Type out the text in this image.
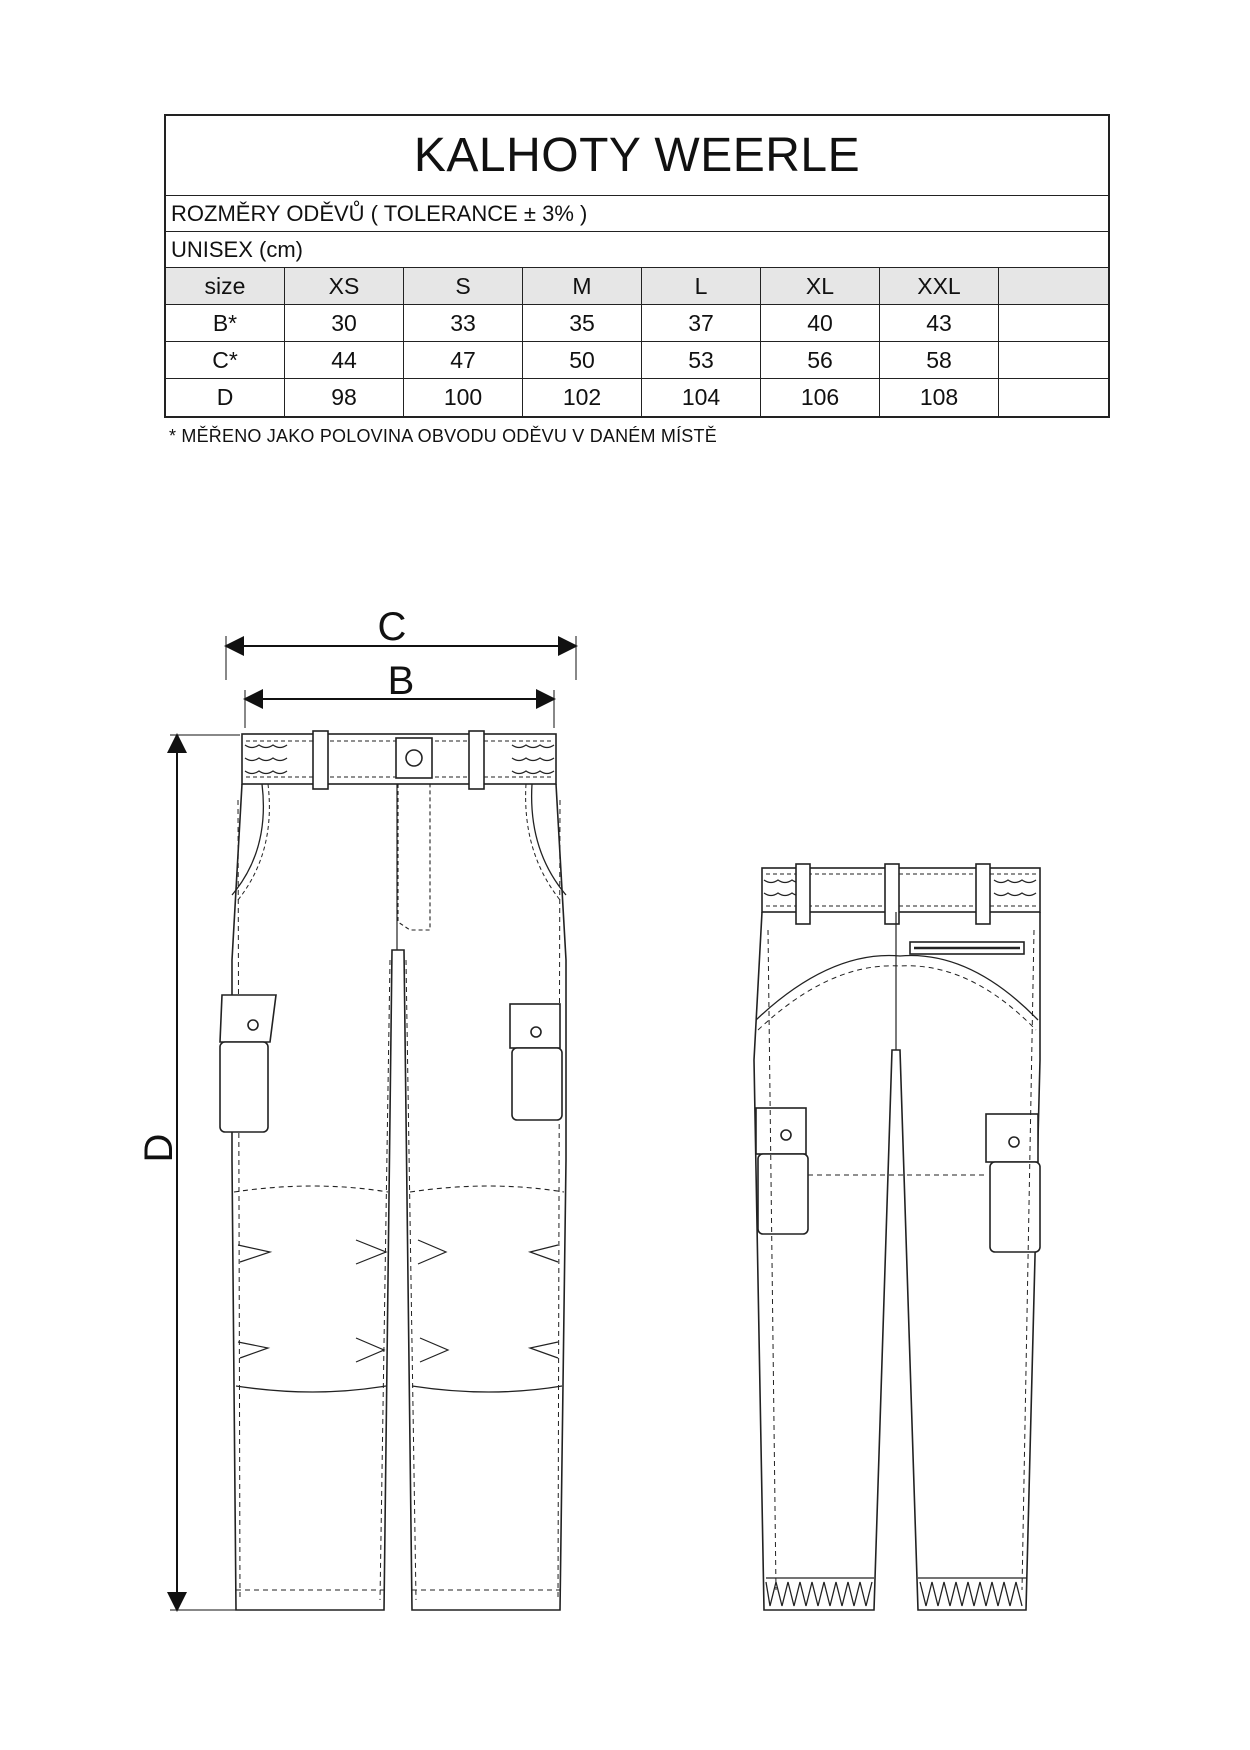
KALHOTY WEERLE
ROZMĚRY ODĚVŮ ( TOLERANCE ± 3% )
UNISEX (cm)
size	XS	S	M	L	XL	XXL
B*	30	33	35	37	40	43
C*	44	47	50	53	56	58
D	98	100	102	104	106	108
* MĚŘENO JAKO POLOVINA OBVODU ODĚVU V DANÉM MÍSTĚ
C
B
D
